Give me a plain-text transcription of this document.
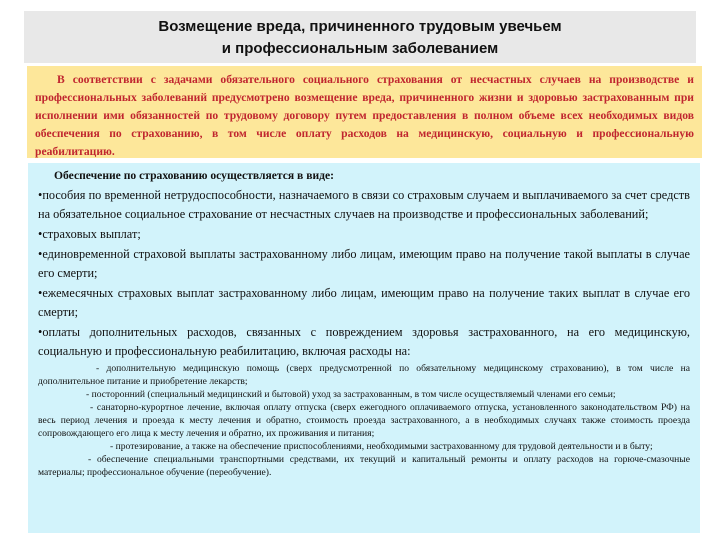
Возмещение вреда, причиненного трудовым увечьем
и профессиональным заболеванием

В соответствии с задачами обязательного социального страхования от несчастных случаев на производстве и профессиональных заболеваний предусмотрено возмещение вреда, причиненного жизни и здоровью застрахованным при исполнении ими обязанностей по трудовому договору путем предоставления в полном объеме всех необходимых видов обеспечения по страхованию, в том числе оплату расходов на медицинскую, социальную и профессиональную реабилитацию.

Обеспечение по страхованию осуществляется в виде:

•пособия по временной нетрудоспособности, назначаемого в связи со страховым случаем и выплачиваемого за счет средств на обязательное социальное страхование от несчастных случаев на производстве и профессиональных заболеваний;

•страховых выплат;

•единовременной страховой выплаты застрахованному либо лицам, имеющим право на получение такой выплаты в случае его смерти;

•ежемесячных страховых выплат застрахованному либо лицам, имеющим право на получение таких выплат в случае его смерти;

•оплаты дополнительных расходов, связанных с повреждением здоровья застрахованного, на его медицинскую, социальную и профессиональную реабилитацию, включая расходы на:

- дополнительную медицинскую помощь (сверх предусмотренной по обязательному медицинскому страхованию), в том числе на дополнительное питание и приобретение лекарств;

- посторонний (специальный медицинский и бытовой) уход за застрахованным, в том числе осуществляемый членами его семьи;

- санаторно-курортное лечение, включая оплату отпуска (сверх ежегодного оплачиваемого отпуска, установленного законодательством РФ) на весь период лечения и проезда к месту лечения и обратно, стоимость проезда застрахованного, а в необходимых случаях также стоимость проезда сопровождающего его лица к месту лечения и обратно, их проживания и питания;

- протезирование, а также на обеспечение приспособлениями, необходимыми застрахованному для трудовой деятельности и в быту;

- обеспечение специальными транспортными средствами, их текущий и капитальный ремонты и оплату расходов на горюче-смазочные материалы; профессиональное обучение (переобучение).
